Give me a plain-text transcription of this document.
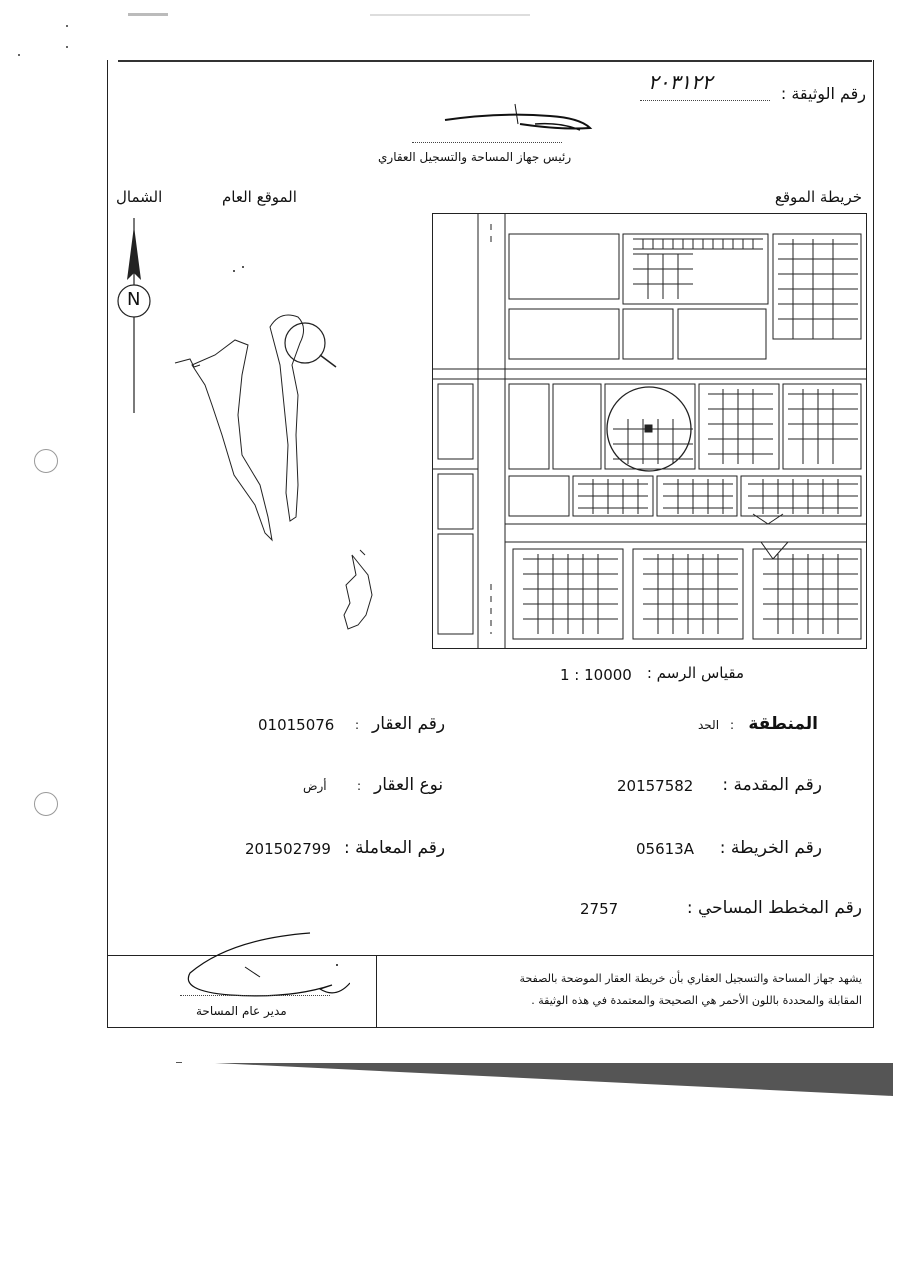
رقم الوثيقة :
٢٠٣١٢٢
رئيس جهاز المساحة والتسجيل العقاري
خريطة الموقع
الموقع العام
الشمال
N
مقياس الرسم :
1 : 10000
المنطقة
:
الحد
رقم العقار
:
01015076
رقم المقدمة :
20157582
نوع العقار
:
أرض
رقم الخريطة :
05613A
رقم المعاملة :
201502799
رقم المخطط المساحي :
2757
يشهد جهاز المساحة والتسجيل العقاري بأن خريطة العقار الموضحة بالصفحة
المقابلة والمحددة باللون الأحمر هي الصحيحة والمعتمدة في هذه الوثيقة .
مدير عام المساحة
